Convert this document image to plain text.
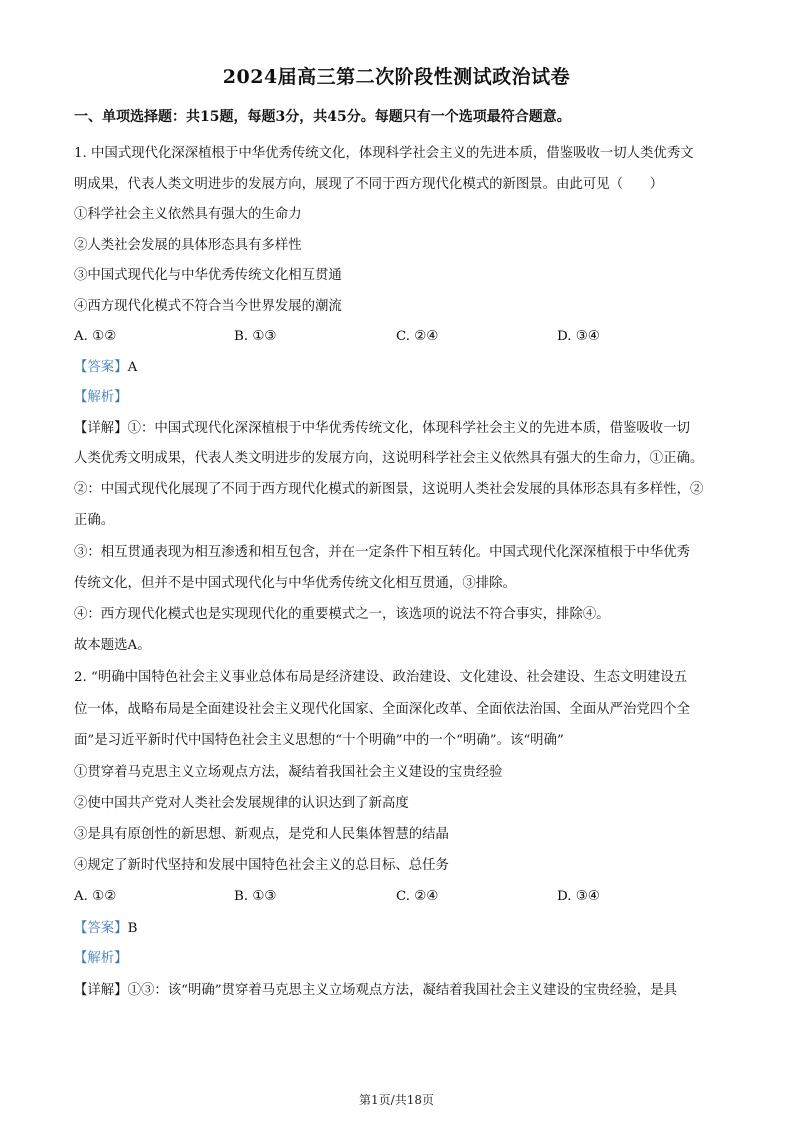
2024届高三第二次阶段性测试政治试卷
一、单项选择题：共15题，每题3分，共45分。每题只有一个选项最符合题意。
1. 中国式现代化深深植根于中华优秀传统文化，体现科学社会主义的先进本质，借鉴吸收一切人类优秀文
明成果，代表人类文明进步的发展方向，展现了不同于西方现代化模式的新图景。由此可见（　　）
①科学社会主义依然具有强大的生命力
②人类社会发展的具体形态具有多样性
③中国式现代化与中华优秀传统文化相互贯通
④西方现代化模式不符合当今世界发展的潮流
A. ①②	B. ①③	C. ②④	D. ③④
【答案】A
【解析】
【详解】①：中国式现代化深深植根于中华优秀传统文化，体现科学社会主义的先进本质，借鉴吸收一切
人类优秀文明成果，代表人类文明进步的发展方向，这说明科学社会主义依然具有强大的生命力，①正确。
②：中国式现代化展现了不同于西方现代化模式的新图景，这说明人类社会发展的具体形态具有多样性，②
正确。
③：相互贯通表现为相互渗透和相互包含，并在一定条件下相互转化。中国式现代化深深植根于中华优秀
传统文化，但并不是中国式现代化与中华优秀传统文化相互贯通，③排除。
④：西方现代化模式也是实现现代化的重要模式之一，该选项的说法不符合事实，排除④。
故本题选A。
2. “明确中国特色社会主义事业总体布局是经济建设、政治建设、文化建设、社会建设、生态文明建设五
位一体，战略布局是全面建设社会主义现代化国家、全面深化改革、全面依法治国、全面从严治党四个全
面”是习近平新时代中国特色社会主义思想的“十个明确”中的一个“明确”。该“明确”
①贯穿着马克思主义立场观点方法，凝结着我国社会主义建设的宝贵经验
②使中国共产党对人类社会发展规律的认识达到了新高度
③是具有原创性的新思想、新观点，是党和人民集体智慧的结晶
④规定了新时代坚持和发展中国特色社会主义的总目标、总任务
A. ①②	B. ①③	C. ②④	D. ③④
【答案】B
【解析】
【详解】①③：该“明确”贯穿着马克思主义立场观点方法，凝结着我国社会主义建设的宝贵经验，是具
第1页/共18页
